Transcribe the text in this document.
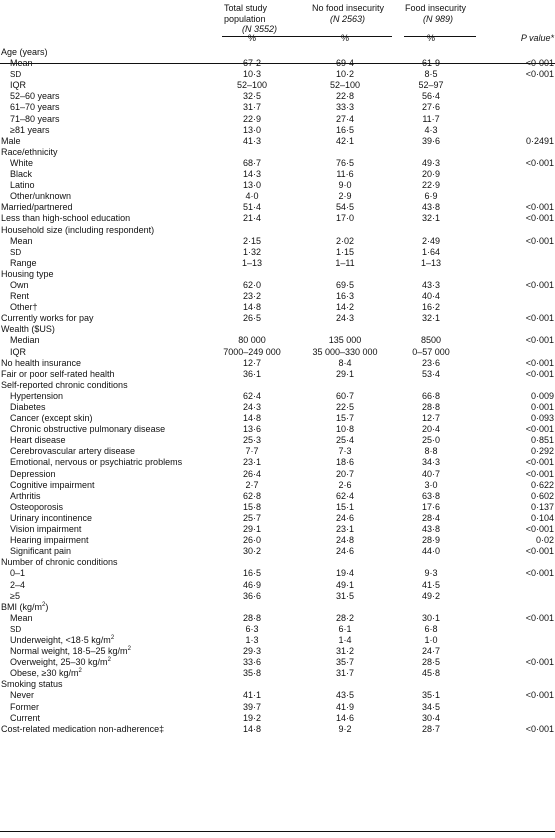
Total study population
(N 3552)
No food insecurity
(N 2563)
Food insecurity
(N 989)
%	%	%	P value*
Age (years)
Mean	67·2	69·4	61·9	<0·001
SD	10·3	10·2	8·5	<0·001
IQR	52–100	52–100	52–97
52–60 years	32·5	22·8	56·4
61–70 years	31·7	33·3	27·6
71–80 years	22·9	27·4	11·7
≥81 years	13·0	16·5	4·3
Male	41·3	42·1	39·6	0·2491
Race/ethnicity
White	68·7	76·5	49·3	<0·001
Black	14·3	11·6	20·9
Latino	13·0	9·0	22·9
Other/unknown	4·0	2·9	6·9
Married/partnered	51·4	54·5	43·8	<0·001
Less than high-school education	21·4	17·0	32·1	<0·001
Household size (including respondent)
Mean	2·15	2·02	2·49	<0·001
SD	1·32	1·15	1·64
Range	1–13	1–11	1–13
Housing type
Own	62·0	69·5	43·3	<0·001
Rent	23·2	16·3	40·4
Other†	14·8	14·2	16·2
Currently works for pay	26·5	24·3	32·1	<0·001
Wealth ($US)
Median	80 000	135 000	8500	<0·001
IQR	7000–249 000	35 000–330 000	0–57 000
No health insurance	12·7	8·4	23·6	<0·001
Fair or poor self-rated health	36·1	29·1	53·4	<0·001
Self-reported chronic conditions
Hypertension	62·4	60·7	66·8	0·009
Diabetes	24·3	22·5	28·8	0·001
Cancer (except skin)	14·8	15·7	12·7	0·093
Chronic obstructive pulmonary disease	13·6	10·8	20·4	<0·001
Heart disease	25·3	25·4	25·0	0·851
Cerebrovascular artery disease	7·7	7·3	8·8	0·292
Emotional, nervous or psychiatric problems	23·1	18·6	34·3	<0·001
Depression	26·4	20·7	40·7	<0·001
Cognitive impairment	2·7	2·6	3·0	0·622
Arthritis	62·8	62·4	63·8	0·602
Osteoporosis	15·8	15·1	17·6	0·137
Urinary incontinence	25·7	24·6	28·4	0·104
Vision impairment	29·1	23·1	43·8	<0·001
Hearing impairment	26·0	24·8	28·9	0·02
Significant pain	30·2	24·6	44·0	<0·001
Number of chronic conditions
0–1	16·5	19·4	9·3	<0·001
2–4	46·9	49·1	41·5
≥5	36·6	31·5	49·2
BMI $(kg/m^2)$
Mean	28·8	28·2	30·1	<0·001
SD	6·3	6·1	6·8
Underweight, <18·5 $kg/m^2$	1·3	1·4	1·0
Normal weight, 18·5–25 $kg/m^2$	29·3	31·2	24·7
Overweight, 25–30 $kg/m^2$	33·6	35·7	28·5	<0·001
Obese, ≥30 $kg/m^2$	35·8	31·7	45·8
Smoking status
Never	41·1	43·5	35·1	<0·001
Former	39·7	41·9	34·5
Current	19·2	14·6	30·4
Cost-related medication non-adherence‡	14·8	9·2	28·7	<0·001
